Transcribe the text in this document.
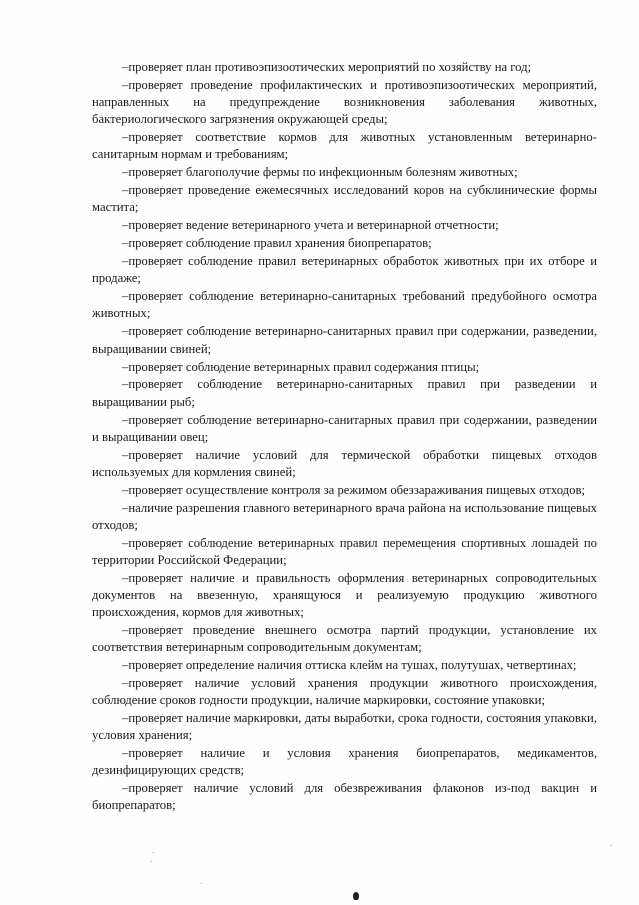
–проверяет план противоэпизоотических мероприятий по хозяйству на год;

–проверяет проведение профилактических и противоэпизоотических мероприятий, направленных на предупреждение возникновения заболевания животных, бактериологического загрязнения окружающей среды;

–проверяет соответствие кормов для животных установленным ветеринарно-санитарным нормам и требованиям;

–проверяет благополучие фермы по инфекционным болезням животных;

–проверяет проведение ежемесячных исследований коров на субклинические формы мастита;

–проверяет ведение ветеринарного учета и ветеринарной отчетности;

–проверяет соблюдение правил хранения биопрепаратов;

–проверяет соблюдение правил ветеринарных обработок животных при их отборе и продаже;

–проверяет соблюдение ветеринарно-санитарных требований предубойного осмотра животных;

–проверяет соблюдение ветеринарно-санитарных правил при содержании, разведении, выращивании свиней;

–проверяет соблюдение ветеринарных правил содержания птицы;

–проверяет соблюдение ветеринарно-санитарных правил при разведении и выращивании рыб;

–проверяет соблюдение ветеринарно-санитарных правил при содержании, разведении и выращивании овец;

–проверяет наличие условий для термической обработки пищевых отходов используемых для кормления свиней;

–проверяет осуществление контроля за режимом обеззараживания пищевых отходов;

–наличие разрешения главного ветеринарного врача района на использование пищевых отходов;

–проверяет соблюдение ветеринарных правил перемещения спортивных лошадей по территории Российской Федерации;

–проверяет наличие и правильность оформления ветеринарных сопроводительных документов на ввезенную, хранящуюся и реализуемую продукцию животного происхождения, кормов для животных;

–проверяет проведение внешнего осмотра партий продукции, установление их соответствия ветеринарным сопроводительным документам;

–проверяет определение наличия оттиска клейм на тушах, полутушах, четвертинах;

–проверяет наличие условий хранения продукции животного происхождения, соблюдение сроков годности продукции, наличие маркировки, состояние упаковки;

–проверяет наличие маркировки, даты выработки, срока годности, состояния упаковки, условия хранения;

–проверяет наличие и условия хранения биопрепаратов, медикаментов, дезинфицирующих средств;

–проверяет наличие условий для обезвреживания флаконов из-под вакцин и биопрепаратов;

·
·
·
·
